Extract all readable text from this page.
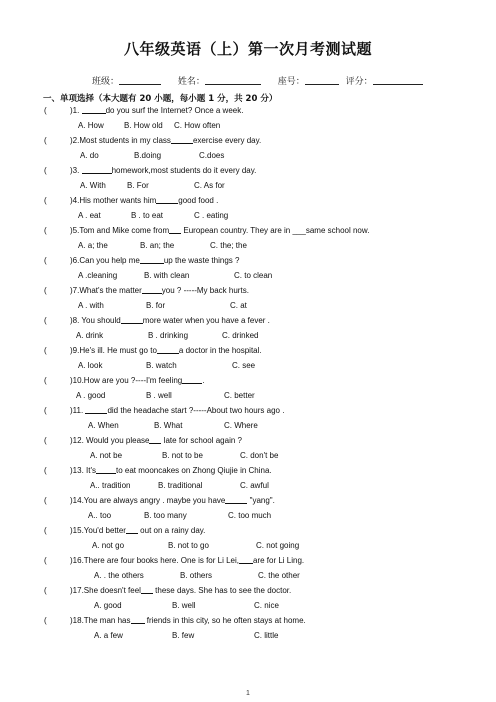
八年级英语（上）第一次月考测试题
班级：	姓名：	座号：	评分：
一、单项选择（本大题有 20 小题，每小题 1 分，共 20 分）
(	)1.	do you surf the Internet? Once a week.
A. How	B. How old C. How often
(	)2.Most students in my class	exercise every day.
A. do	B.doing	C.does
(	)3.	homework,most students do it every day.
A. With	B. For	C. As for
(	)4.His mother wants him	good food .
A . eat	B . to eat	C . eating
(	)5.Tom and Mike come from European country. They are in ___same school now.
A. a; the	B. an; the	C. the; the
(	)6.Can you help me	up the waste things ?
A .cleaning	B. with clean	C. to clean
(	)7.What's the matter	you ? -----My back hurts.
A . with	B. for	C. at
(	)8. You should	more water when you have a fever .
A. drink	B . drinking	C. drinked
(	)9.He's ill. He must go to	a doctor in the hospital.
A. look	B. watch	C. see
(	)10.How are you ?----I'm feeling	.
A . good	B . well	C. better
(	)11.	did the headache start ?-----About two hours ago .
A. When	B. What	C. Where
(	)12. Would you please late for school again ?
A. not be	B. not to be	C. don't be
(	)13. It's	to eat mooncakes on Zhong Qiujie in China.
A.. tradition	B. traditional	C. awful
(	)14.You are always angry . maybe you have	"yang".
A.. too	B. too many	C. too much
(	)15.You'd better out on a rainy day.
A. not go	B. not to go	C. not going
(	)16.There are four books here. One is for Li Lei, are for Li Ling.
A. . the others	B. others	C. the other
(	)17.She doesn't feel these days. She has to see the doctor.
A. good	B. well	C. nice
(	)18.The man has friends in this city, so he often stays at home.
A. a few	B. few	C. little
1
